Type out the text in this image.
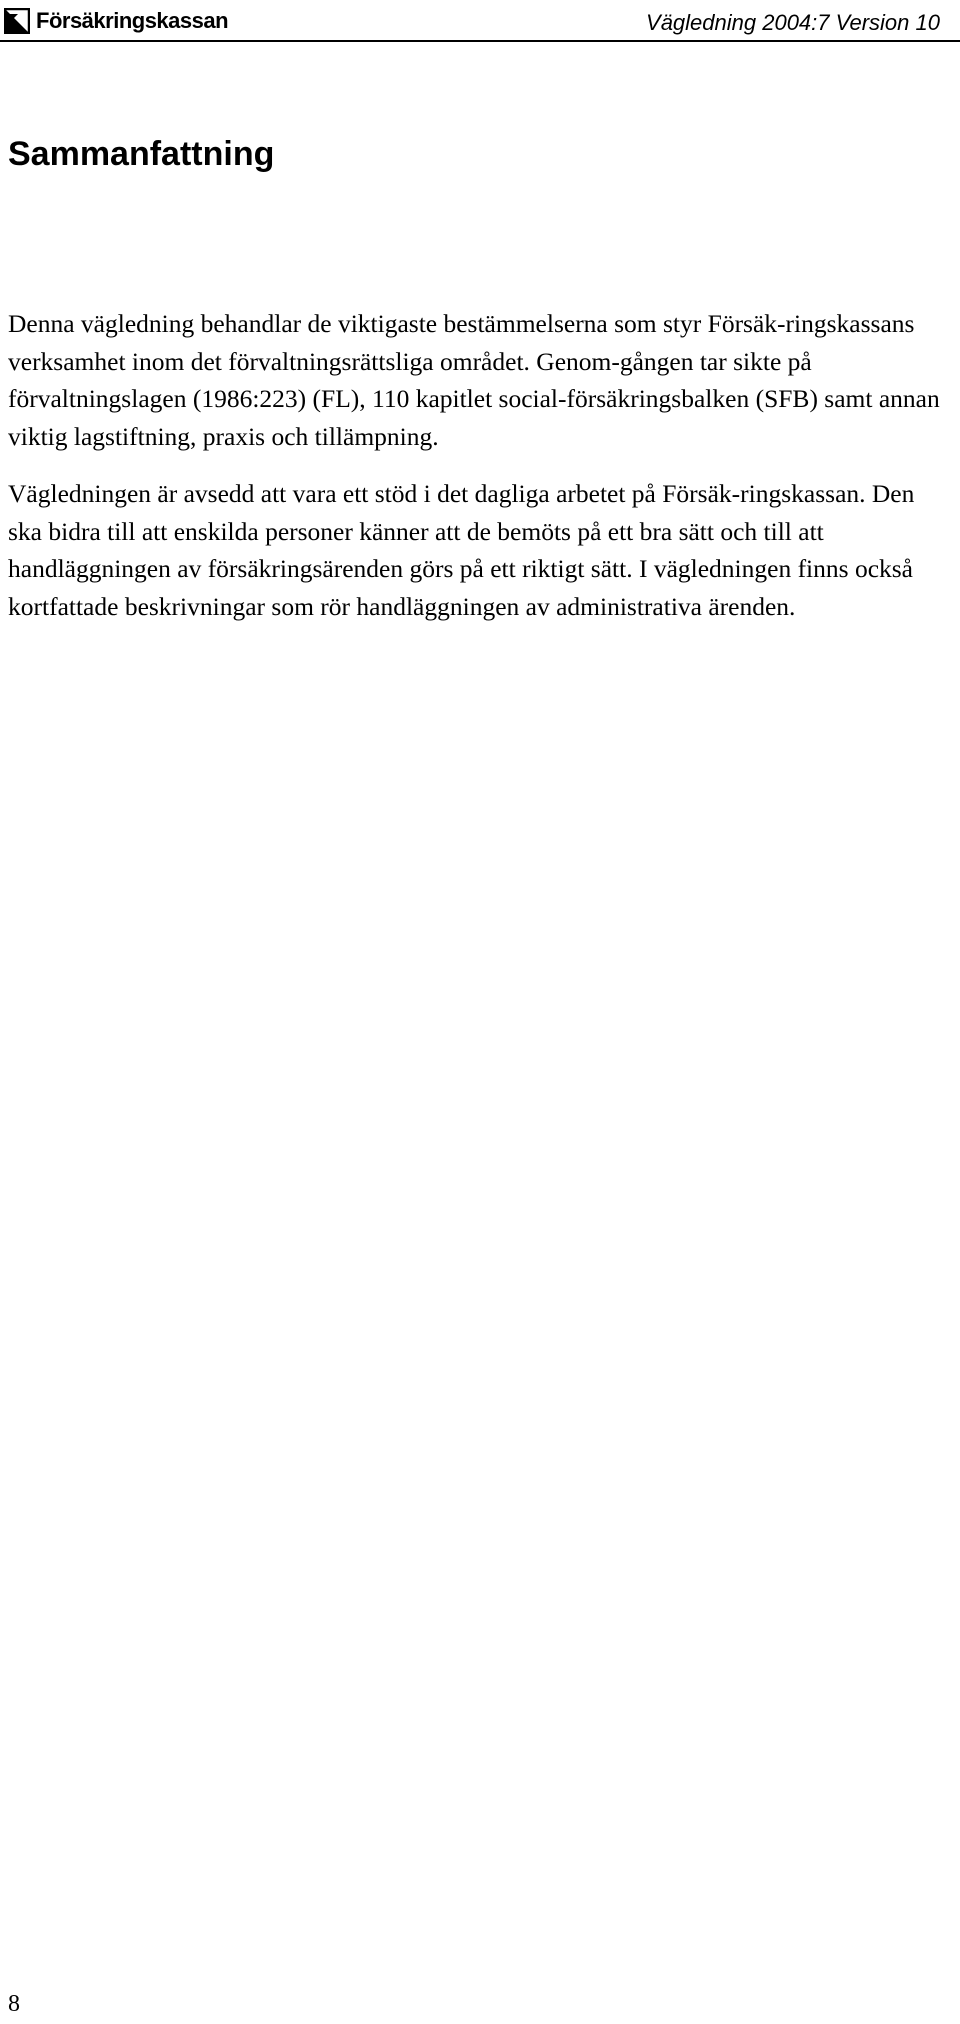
Försäkringskassan	Vägledning 2004:7 Version 10
Sammanfattning

Denna vägledning behandlar de viktigaste bestämmelserna som styr Försäk-ringskassans verksamhet inom det förvaltningsrättsliga området. Genom-gången tar sikte på förvaltningslagen (1986:223) (FL), 110 kapitlet social-försäkringsbalken (SFB) samt annan viktig lagstiftning, praxis och tillämpning.

Vägledningen är avsedd att vara ett stöd i det dagliga arbetet på Försäk-ringskassan. Den ska bidra till att enskilda personer känner att de bemöts på ett bra sätt och till att handläggningen av försäkringsärenden görs på ett riktigt sätt. I vägledningen finns också kortfattade beskrivningar som rör handläggningen av administrativa ärenden.

8
